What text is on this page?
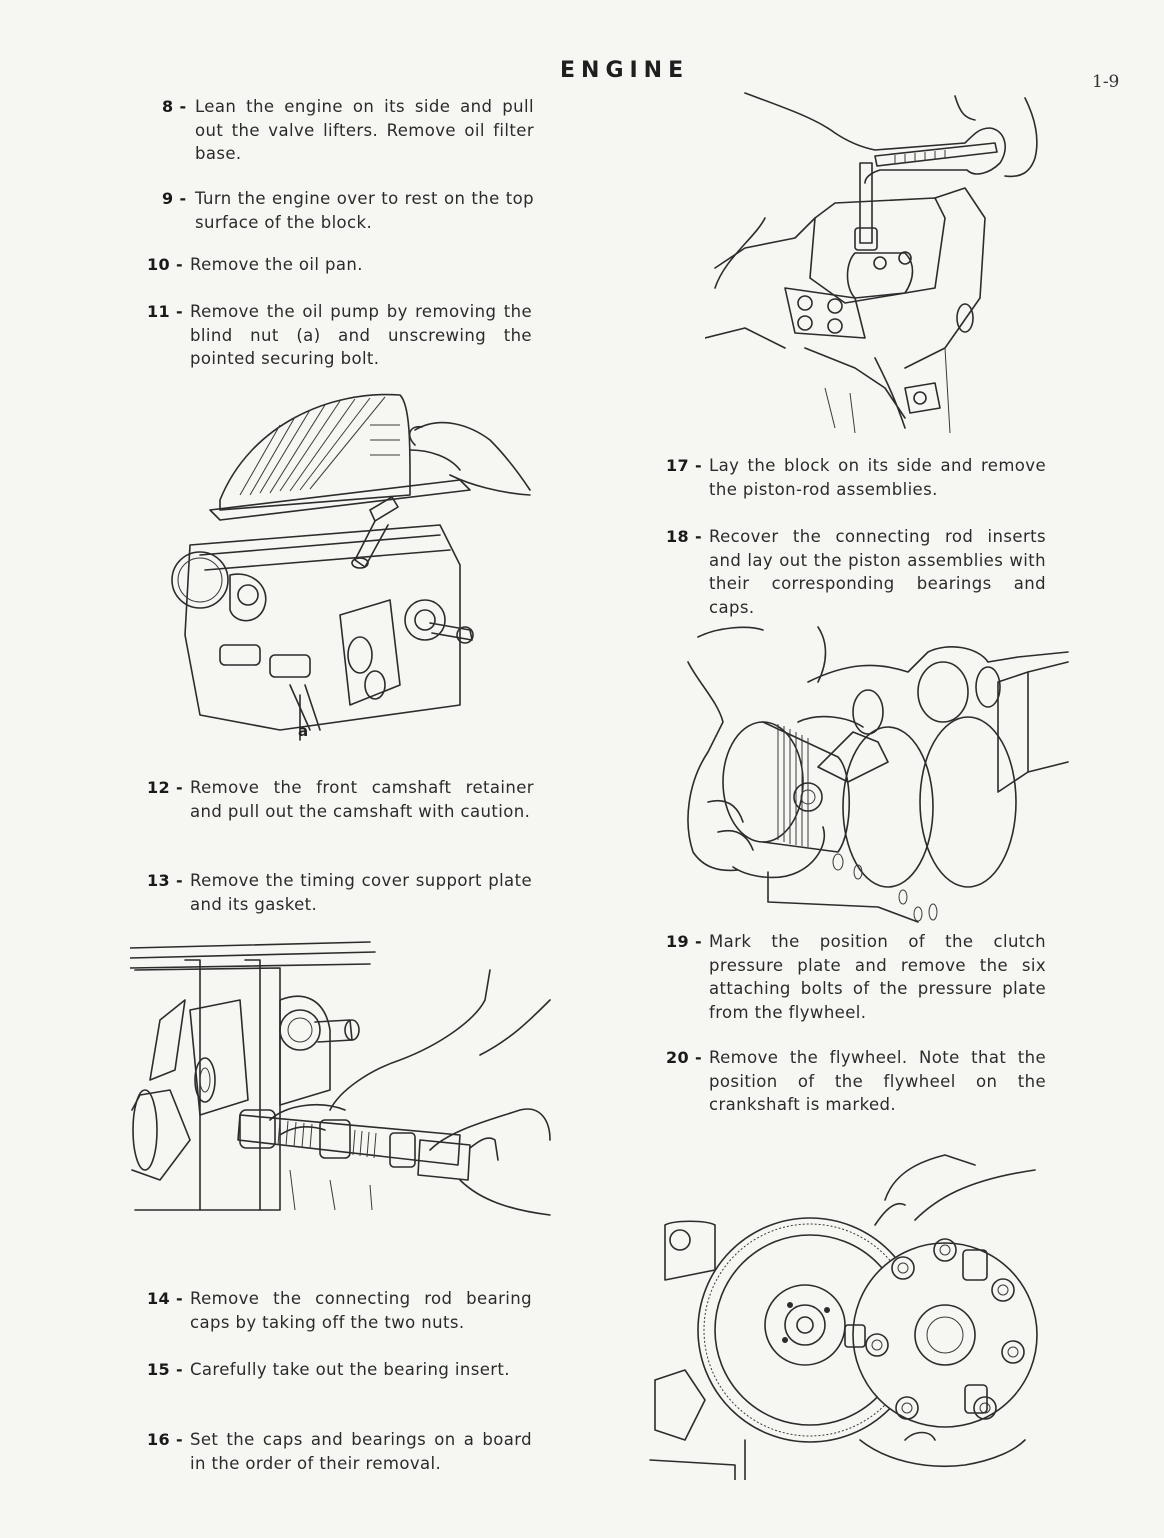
ENGINE	1-9
8 - Lean the engine on its side and pull out the valve lifters. Remove oil filter base.
9 - Turn the engine over to rest on the top surface of the block.
10 - Remove the oil pan.
11 - Remove the oil pump by removing the blind nut (a) and unscrewing the pointed securing bolt.
a
12 - Remove the front camshaft retainer and pull out the camshaft with caution.
13 - Remove the timing cover support plate and its gasket.
14 - Remove the connecting rod bearing caps by taking off the two nuts.
15 - Carefully take out the bearing insert.
16 - Set the caps and bearings on a board in the order of their removal.
17 - Lay the block on its side and remove the piston-rod assemblies.
18 - Recover the connecting rod inserts and lay out the piston assemblies with their corresponding bearings and caps.
19 - Mark the position of the clutch pressure plate and remove the six attaching bolts of the pressure plate from the flywheel.
20 - Remove the flywheel. Note that the position of the flywheel on the crankshaft is marked.
